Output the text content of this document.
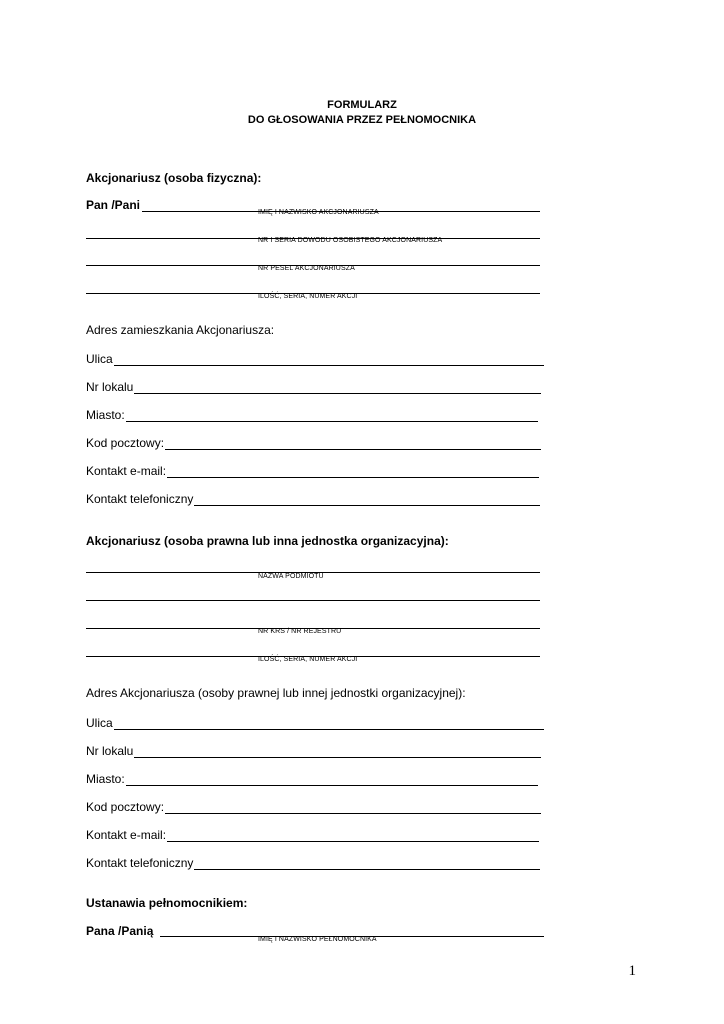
FORMULARZ
DO GŁOSOWANIA PRZEZ PEŁNOMOCNIKA
Akcjonariusz (osoba fizyczna):
Pan /Pani
IMIĘ I NAZWISKO AKCJONARIUSZA
NR I SERIA DOWODU OSOBISTEGO AKCJONARIUSZA
NR PESEL AKCJONARIUSZA
ILOŚĆ, SERIA, NUMER AKCJI
Adres zamieszkania Akcjonariusza:
Ulica
Nr lokalu
Miasto:
Kod pocztowy:
Kontakt e-mail:
Kontakt telefoniczny
Akcjonariusz (osoba prawna lub inna jednostka organizacyjna):
NAZWA PODMIOTU
NR KRS / NR REJESTRU
ILOŚĆ, SERIA, NUMER AKCJI
Adres Akcjonariusza (osoby prawnej lub innej jednostki organizacyjnej):
Ulica
Nr lokalu
Miasto:
Kod pocztowy:
Kontakt e-mail:
Kontakt telefoniczny
Ustanawia pełnomocnikiem:
Pana /Panią
IMIĘ I NAZWISKO PEŁNOMOCNIKA
1
